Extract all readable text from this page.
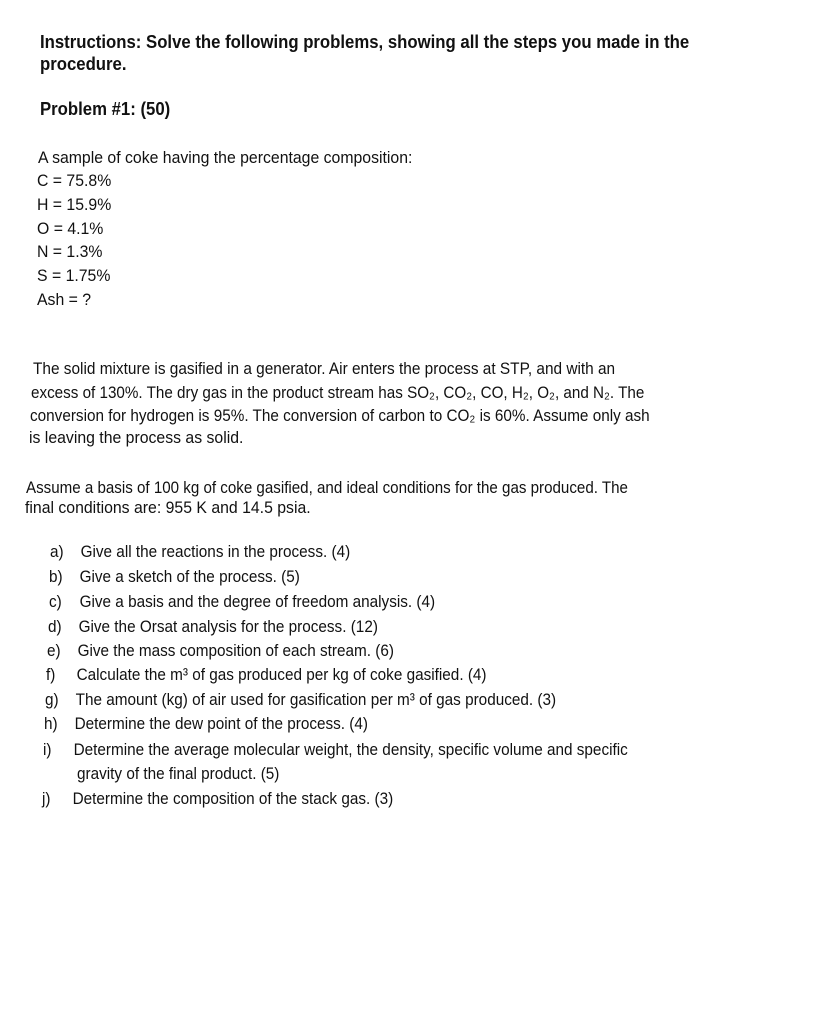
Instructions: Solve the following problems, showing all the steps you made in the
procedure.
Problem #1: (50)
A sample of coke having the percentage composition:
C = 75.8%
H = 15.9%
O = 4.1%
N = 1.3%
S = 1.75%
Ash = ?
The solid mixture is gasified in a generator. Air enters the process at STP, and with an
excess of 130%. The dry gas in the product stream has SO₂, CO₂, CO, H₂, O₂, and N₂. The
conversion for hydrogen is 95%. The conversion of carbon to CO₂ is 60%. Assume only ash
is leaving the process as solid.
Assume a basis of 100 kg of coke gasified, and ideal conditions for the gas produced. The
final conditions are: 955 K and 14.5 psia.
a) Give all the reactions in the process. (4)
b) Give a sketch of the process. (5)
c) Give a basis and the degree of freedom analysis. (4)
d) Give the Orsat analysis for the process. (12)
e) Give the mass composition of each stream. (6)
f) Calculate the m³ of gas produced per kg of coke gasified. (4)
g) The amount (kg) of air used for gasification per m³ of gas produced. (3)
h) Determine the dew point of the process. (4)
i) Determine the average molecular weight, the density, specific volume and specific
gravity of the final product. (5)
j) Determine the composition of the stack gas. (3)
